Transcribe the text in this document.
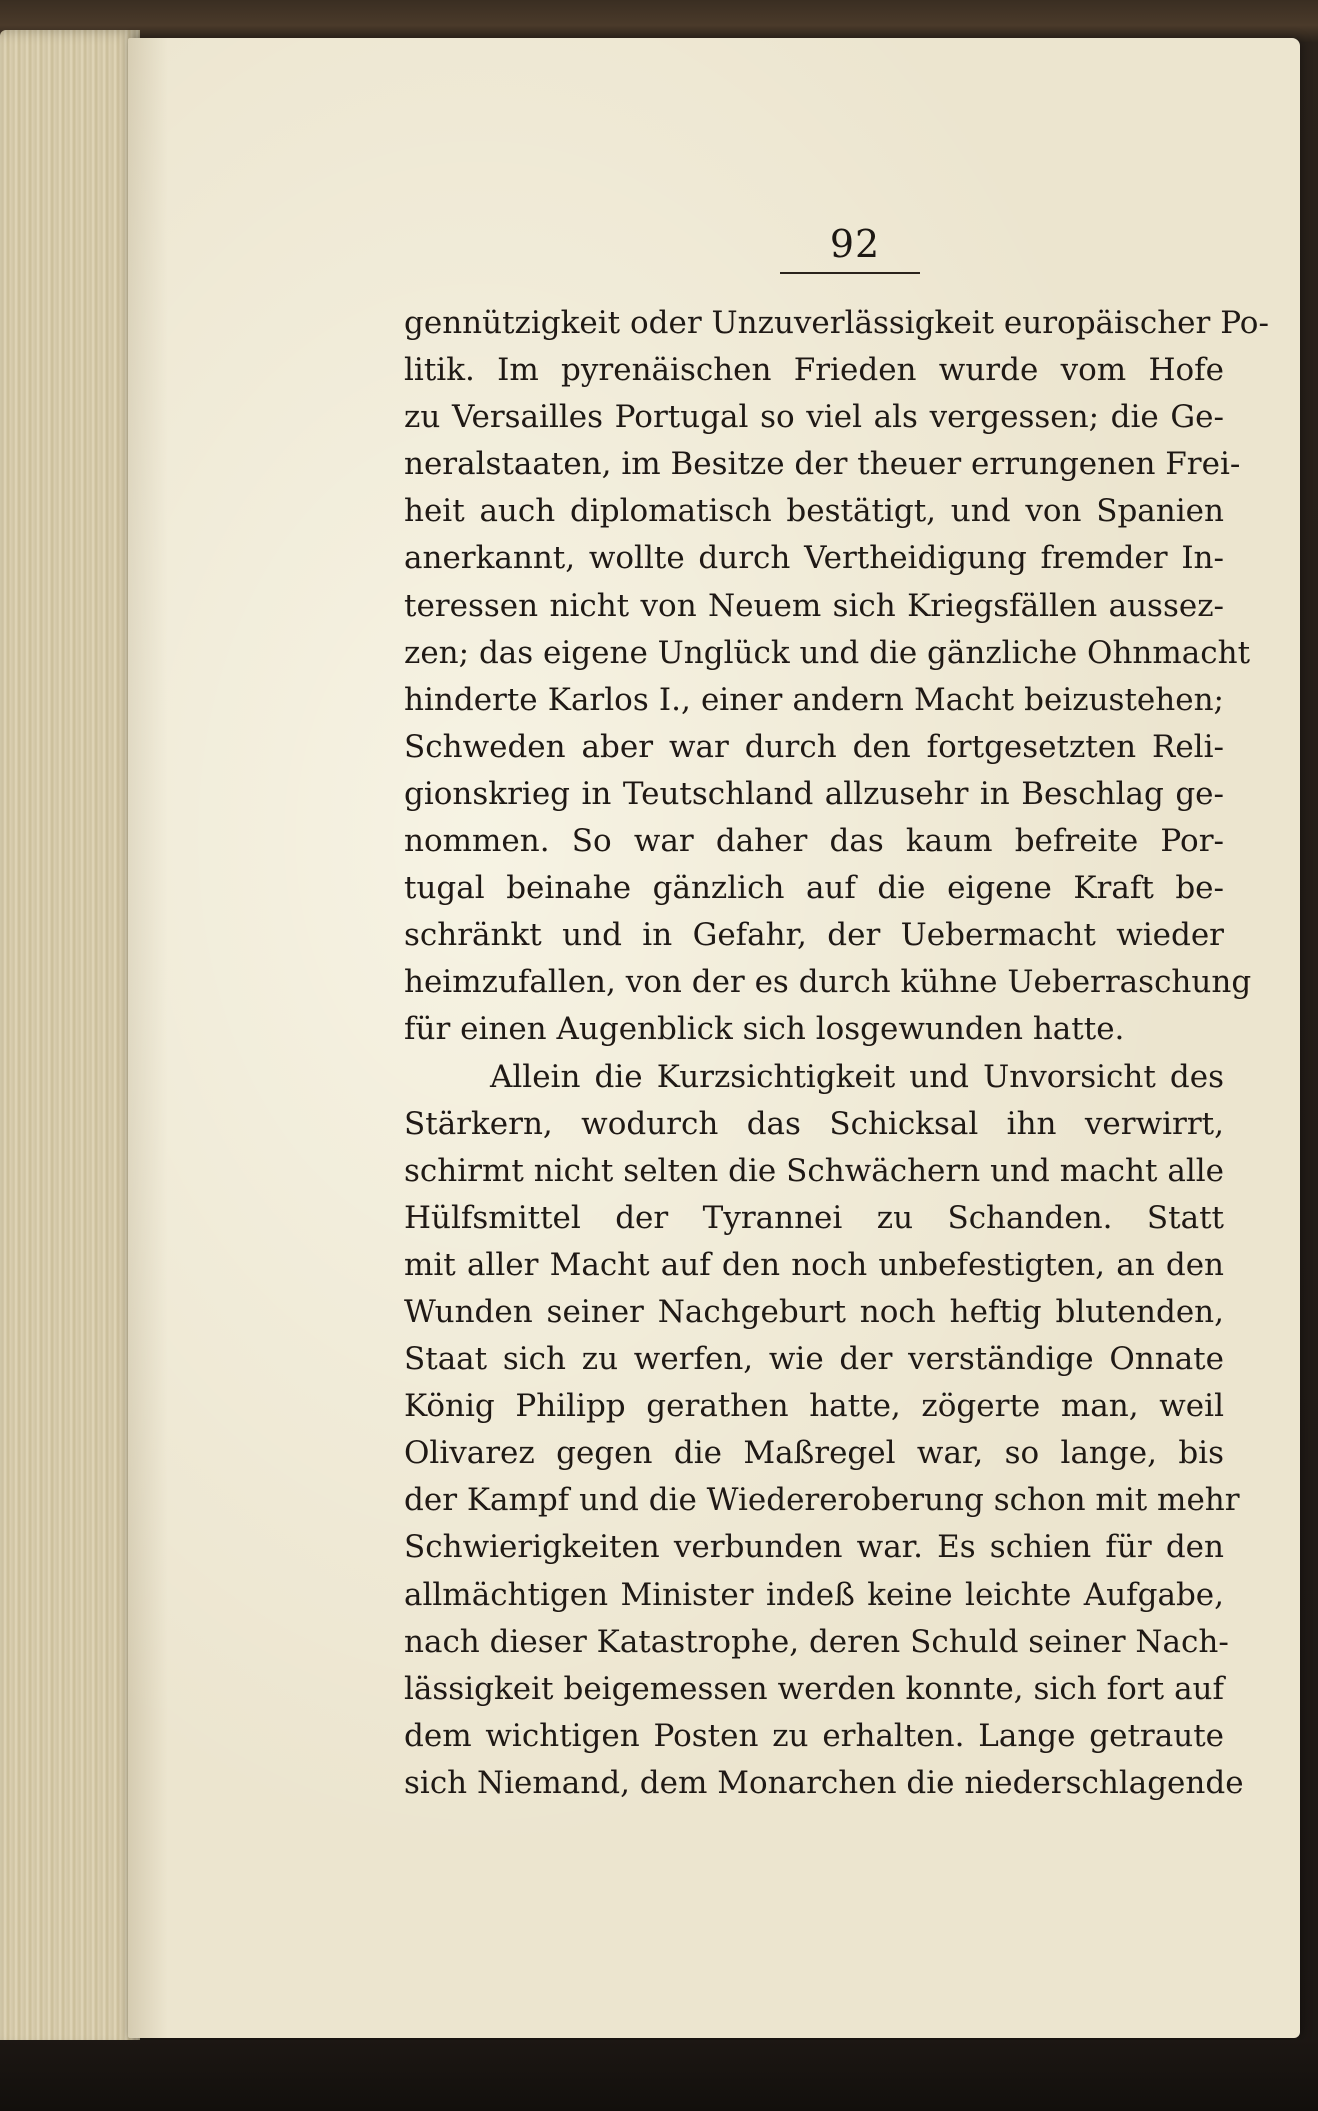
92
gennützigkeit oder Unzuverlässigkeit europäischer Po-
litik. Im pyrenäischen Frieden wurde vom Hofe
zu Versailles Portugal so viel als vergessen; die Ge-
neralstaaten, im Besitze der theuer errungenen Frei-
heit auch diplomatisch bestätigt, und von Spanien
anerkannt, wollte durch Vertheidigung fremder In-
teressen nicht von Neuem sich Kriegsfällen aussez-
zen; das eigene Unglück und die gänzliche Ohnmacht
hinderte Karlos I., einer andern Macht beizustehen;
Schweden aber war durch den fortgesetzten Reli-
gionskrieg in Teutschland allzusehr in Beschlag ge-
nommen. So war daher das kaum befreite Por-
tugal beinahe gänzlich auf die eigene Kraft be-
schränkt und in Gefahr, der Uebermacht wieder
heimzufallen, von der es durch kühne Ueberraschung
für einen Augenblick sich losgewunden hatte.
Allein die Kurzsichtigkeit und Unvorsicht des
Stärkern, wodurch das Schicksal ihn verwirrt,
schirmt nicht selten die Schwächern und macht alle
Hülfsmittel der Tyrannei zu Schanden. Statt
mit aller Macht auf den noch unbefestigten, an den
Wunden seiner Nachgeburt noch heftig blutenden,
Staat sich zu werfen, wie der verständige Onnate
König Philipp gerathen hatte, zögerte man, weil
Olivarez gegen die Maßregel war, so lange, bis
der Kampf und die Wiedereroberung schon mit mehr
Schwierigkeiten verbunden war. Es schien für den
allmächtigen Minister indeß keine leichte Aufgabe,
nach dieser Katastrophe, deren Schuld seiner Nach-
lässigkeit beigemessen werden konnte, sich fort auf
dem wichtigen Posten zu erhalten. Lange getraute
sich Niemand, dem Monarchen die niederschlagende
